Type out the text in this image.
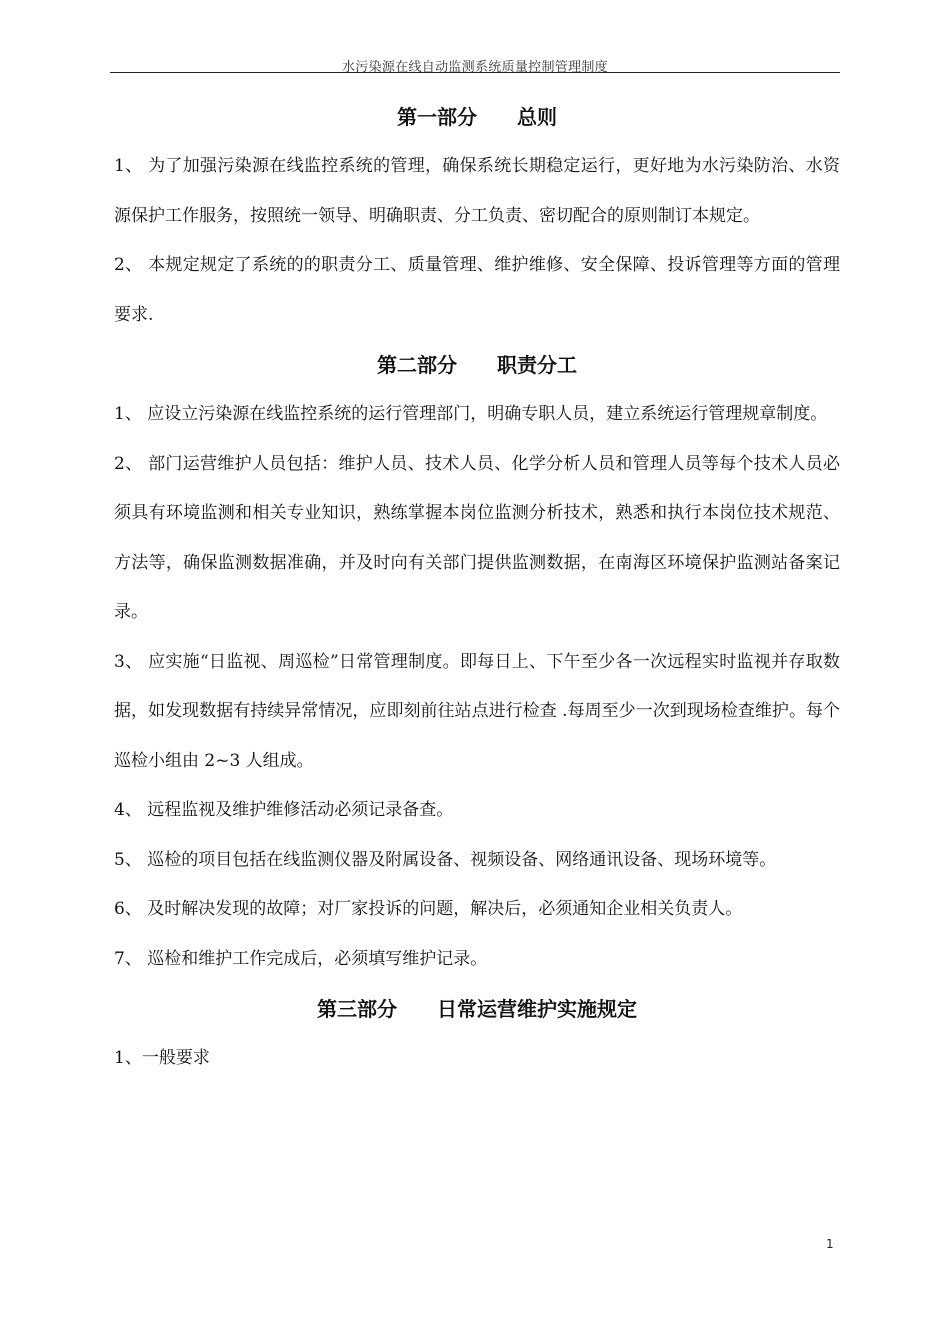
水污染源在线自动监测系统质量控制管理制度
第一部分　　总则

1、 为了加强污染源在线监控系统的管理，确保系统长期稳定运行，更好地为水污染防治、水资源保护工作服务，按照统一领导、明确职责、分工负责、密切配合的原则制订本规定。

2、 本规定规定了系统的的职责分工、质量管理、维护维修、安全保障、投诉管理等方面的管理要求.

第二部分　　职责分工

1、 应设立污染源在线监控系统的运行管理部门，明确专职人员，建立系统运行管理规章制度。

2、 部门运营维护人员包括：维护人员、技术人员、化学分析人员和管理人员等每个技术人员必须具有环境监测和相关专业知识，熟练掌握本岗位监测分析技术，熟悉和执行本岗位技术规范、方法等，确保监测数据准确，并及时向有关部门提供监测数据，在南海区环境保护监测站备案记录。

3、 应实施“日监视、周巡检”日常管理制度。即每日上、下午至少各一次远程实时监视并存取数据，如发现数据有持续异常情况，应即刻前往站点进行检查 .每周至少一次到现场检查维护。每个巡检小组由 2~3 人组成。

4、 远程监视及维护维修活动必须记录备查。

5、 巡检的项目包括在线监测仪器及附属设备、视频设备、网络通讯设备、现场环境等。

6、 及时解决发现的故障；对厂家投诉的问题，解决后，必须通知企业相关负责人。

7、 巡检和维护工作完成后，必须填写维护记录。

第三部分　　日常运营维护实施规定

1、一般要求

1
